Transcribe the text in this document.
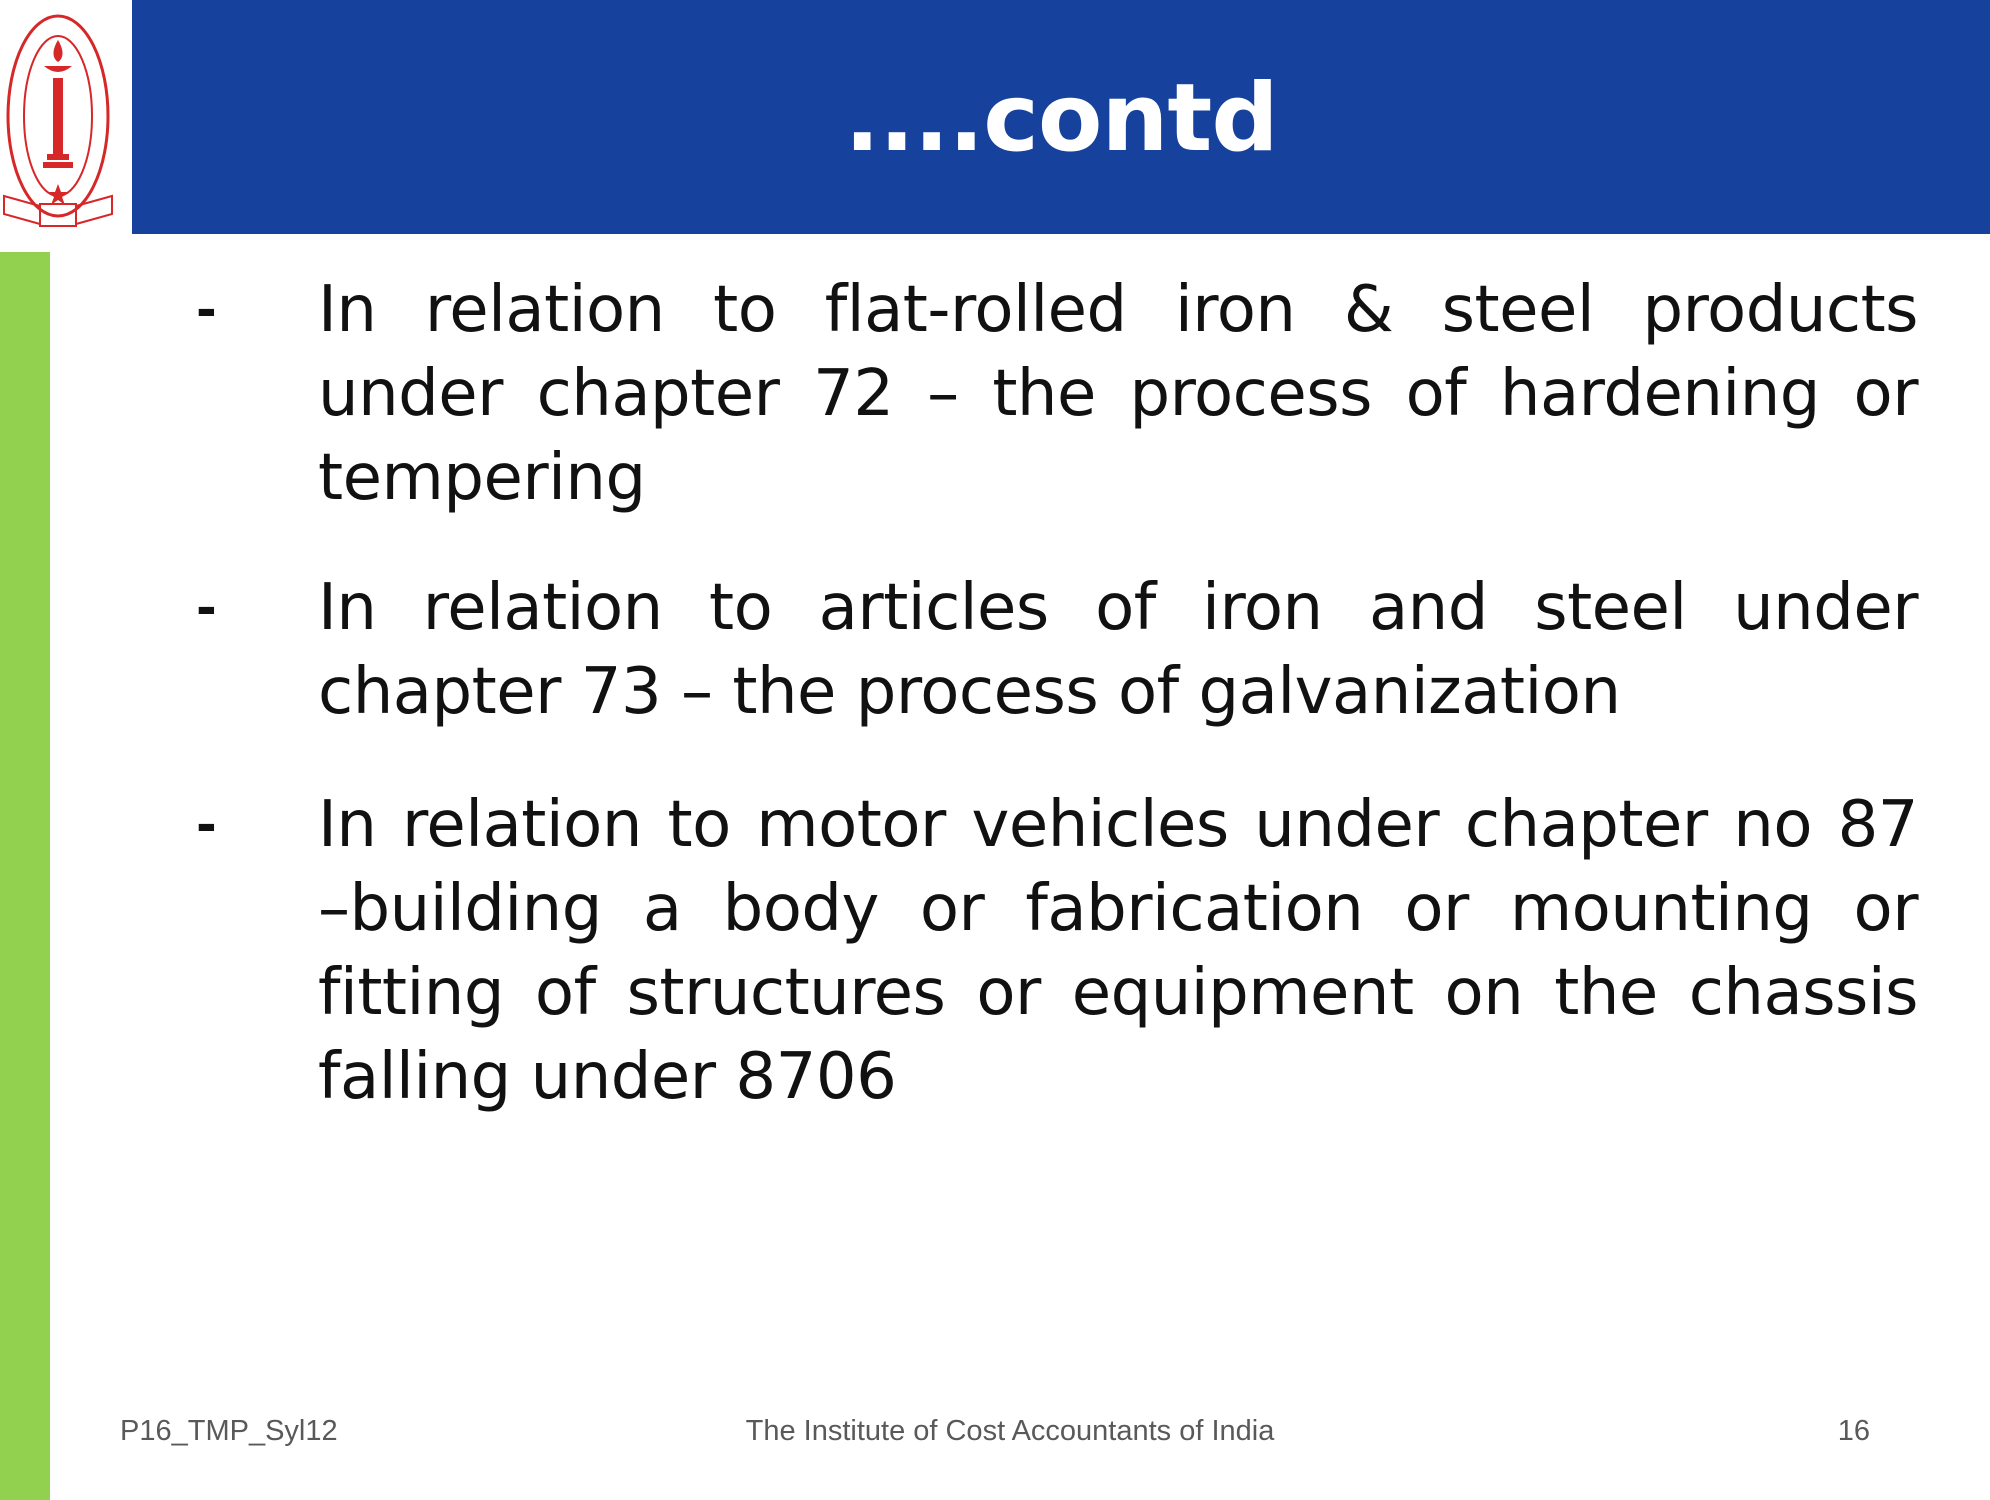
....contd
- In relation to flat-rolled iron & steel products under chapter 72 – the process of hardening or tempering

- In relation to articles of iron and steel under chapter 73 – the process of galvanization

- In relation to motor vehicles under chapter no 87 –building a body or fabrication or mounting or fitting of structures or equipment on the chassis falling under 8706

P16_TMP_Syl12	The Institute of Cost Accountants of India	16
